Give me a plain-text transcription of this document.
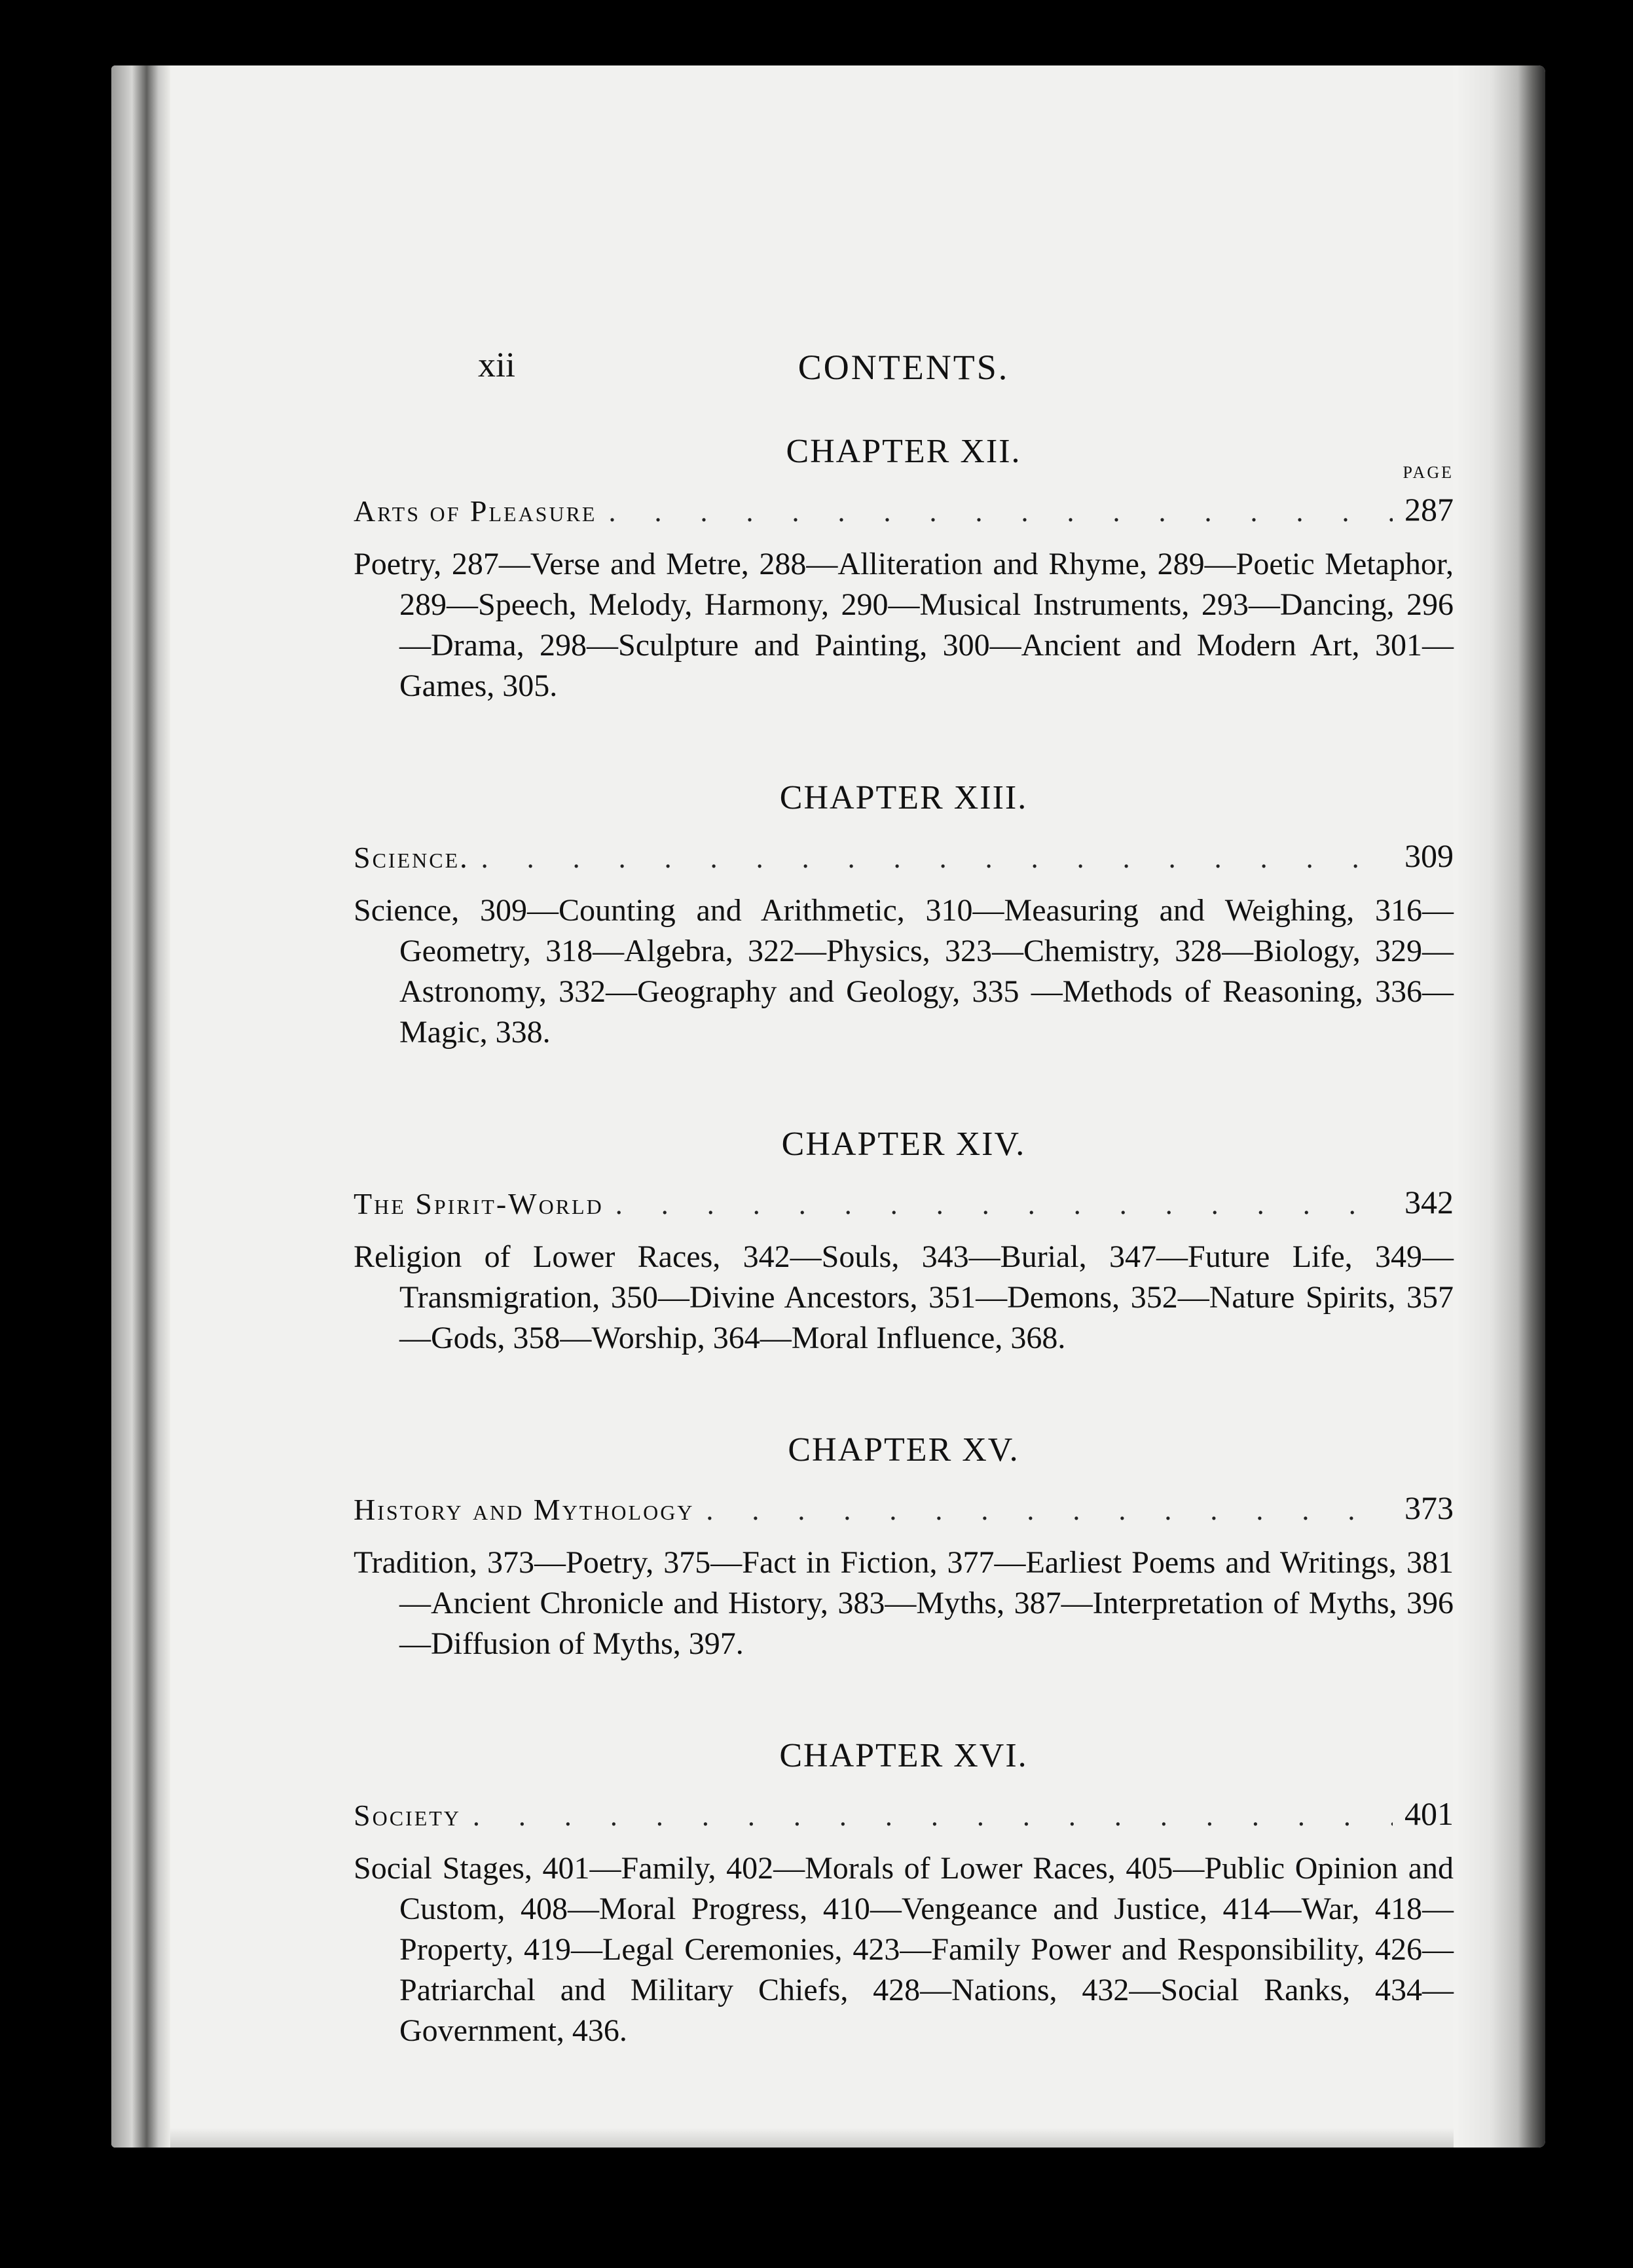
xii	CONTENTS.
CHAPTER XII.
PAGE
Arts of Pleasure . . .	287
Poetry, 287—Verse and Metre, 288—Alliteration and Rhyme, 289—Poetic Metaphor, 289—Speech, Melody, Harmony, 290—Musical Instruments, 293—Dancing, 296—Drama, 298—Sculpture and Painting, 300—Ancient and Modern Art, 301—Games, 305.
CHAPTER XIII.
Science. . . .	309
Science, 309—Counting and Arithmetic, 310—Measuring and Weighing, 316—Geometry, 318—Algebra, 322—Physics, 323—Chemistry, 328—Biology, 329—Astronomy, 332—Geography and Geology, 335 —Methods of Reasoning, 336—Magic, 338.
CHAPTER XIV.
The Spirit-World . . .	342
Religion of Lower Races, 342—Souls, 343—Burial, 347—Future Life, 349—Transmigration, 350—Divine Ancestors, 351—Demons, 352—Nature Spirits, 357—Gods, 358—Worship, 364—Moral Influence, 368.
CHAPTER XV.
History and Mythology . . .	373
Tradition, 373—Poetry, 375—Fact in Fiction, 377—Earliest Poems and Writings, 381—Ancient Chronicle and History, 383—Myths, 387—Interpretation of Myths, 396—Diffusion of Myths, 397.
CHAPTER XVI.
Society . . .	401
Social Stages, 401—Family, 402—Morals of Lower Races, 405—Public Opinion and Custom, 408—Moral Progress, 410—Vengeance and Justice, 414—War, 418—Property, 419—Legal Ceremonies, 423—Family Power and Responsibility, 426—Patriarchal and Military Chiefs, 428—Nations, 432—Social Ranks, 434—Government, 436.
